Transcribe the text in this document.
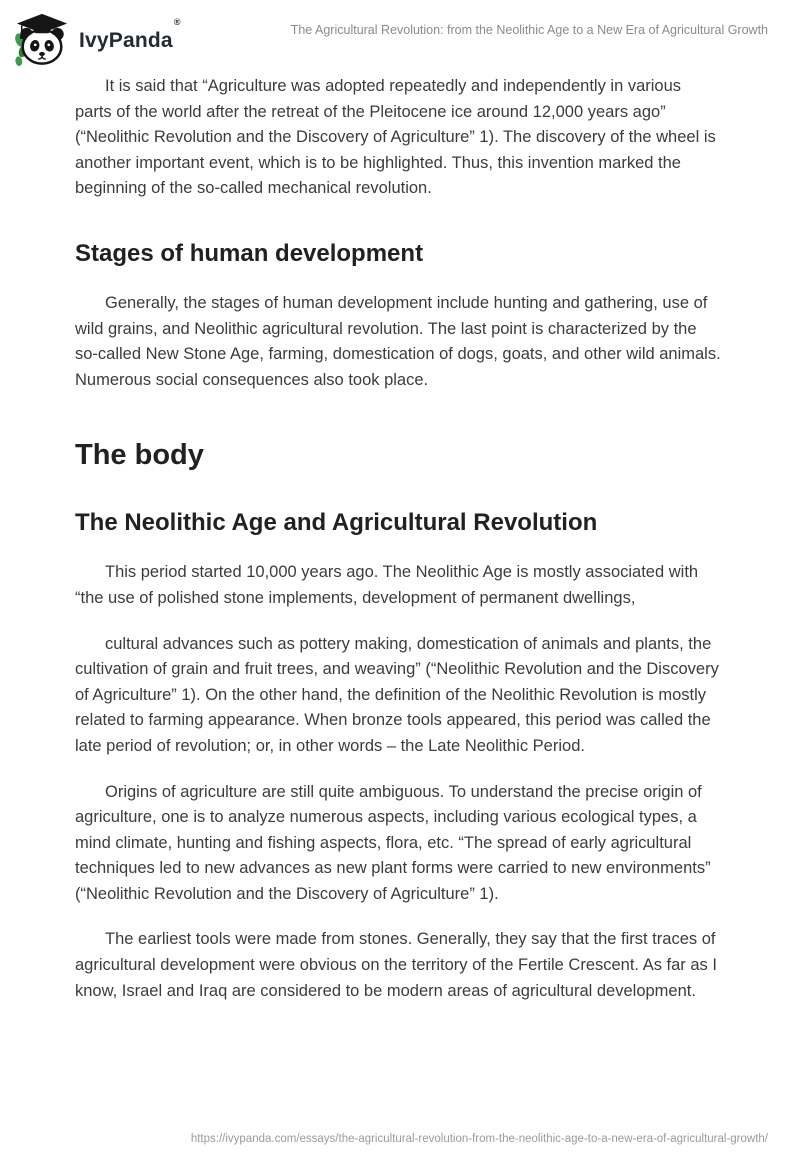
IvyPanda®
The Agricultural Revolution: from the Neolithic Age to a New Era of Agricultural Growth

It is said that “Agriculture was adopted repeatedly and independently in various parts of the world after the retreat of the Pleitocene ice around 12,000 years ago” (“Neolithic Revolution and the Discovery of Agriculture” 1). The discovery of the wheel is another important event, which is to be highlighted. Thus, this invention marked the beginning of the so-called mechanical revolution.

Stages of human development

Generally, the stages of human development include hunting and gathering, use of wild grains, and Neolithic agricultural revolution. The last point is characterized by the so-called New Stone Age, farming, domestication of dogs, goats, and other wild animals. Numerous social consequences also took place.

The body
The Neolithic Age and Agricultural Revolution

This period started 10,000 years ago. The Neolithic Age is mostly associated with “the use of polished stone implements, development of permanent dwellings,

cultural advances such as pottery making, domestication of animals and plants, the cultivation of grain and fruit trees, and weaving” (“Neolithic Revolution and the Discovery of Agriculture” 1). On the other hand, the definition of the Neolithic Revolution is mostly related to farming appearance. When bronze tools appeared, this period was called the late period of revolution; or, in other words – the Late Neolithic Period.

Origins of agriculture are still quite ambiguous. To understand the precise origin of agriculture, one is to analyze numerous aspects, including various ecological types, a mind climate, hunting and fishing aspects, flora, etc. “The spread of early agricultural techniques led to new advances as new plant forms were carried to new environments” (“Neolithic Revolution and the Discovery of Agriculture” 1).

The earliest tools were made from stones. Generally, they say that the first traces of agricultural development were obvious on the territory of the Fertile Crescent. As far as I know, Israel and Iraq are considered to be modern areas of agricultural development.

https://ivypanda.com/essays/the-agricultural-revolution-from-the-neolithic-age-to-a-new-era-of-agricultural-growth/
